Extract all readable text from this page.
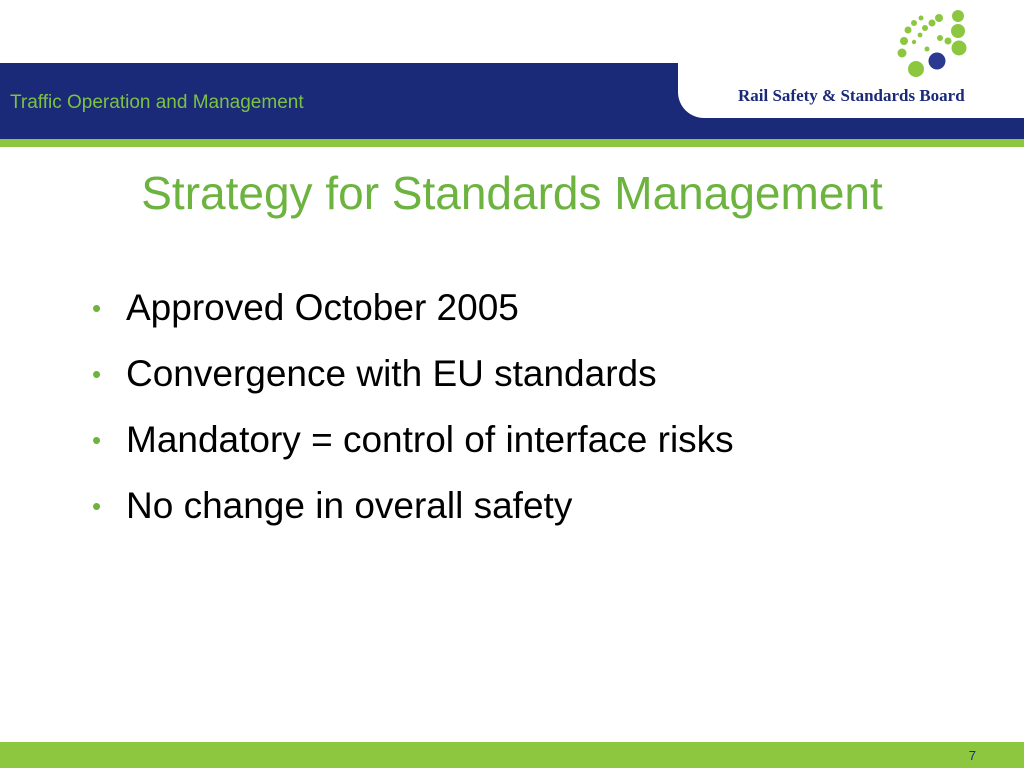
Traffic Operation and Management	Rail Safety & Standards Board
Strategy for Standards Management
• Approved October 2005
• Convergence with EU standards
• Mandatory = control of interface risks
• No change in overall safety
7
